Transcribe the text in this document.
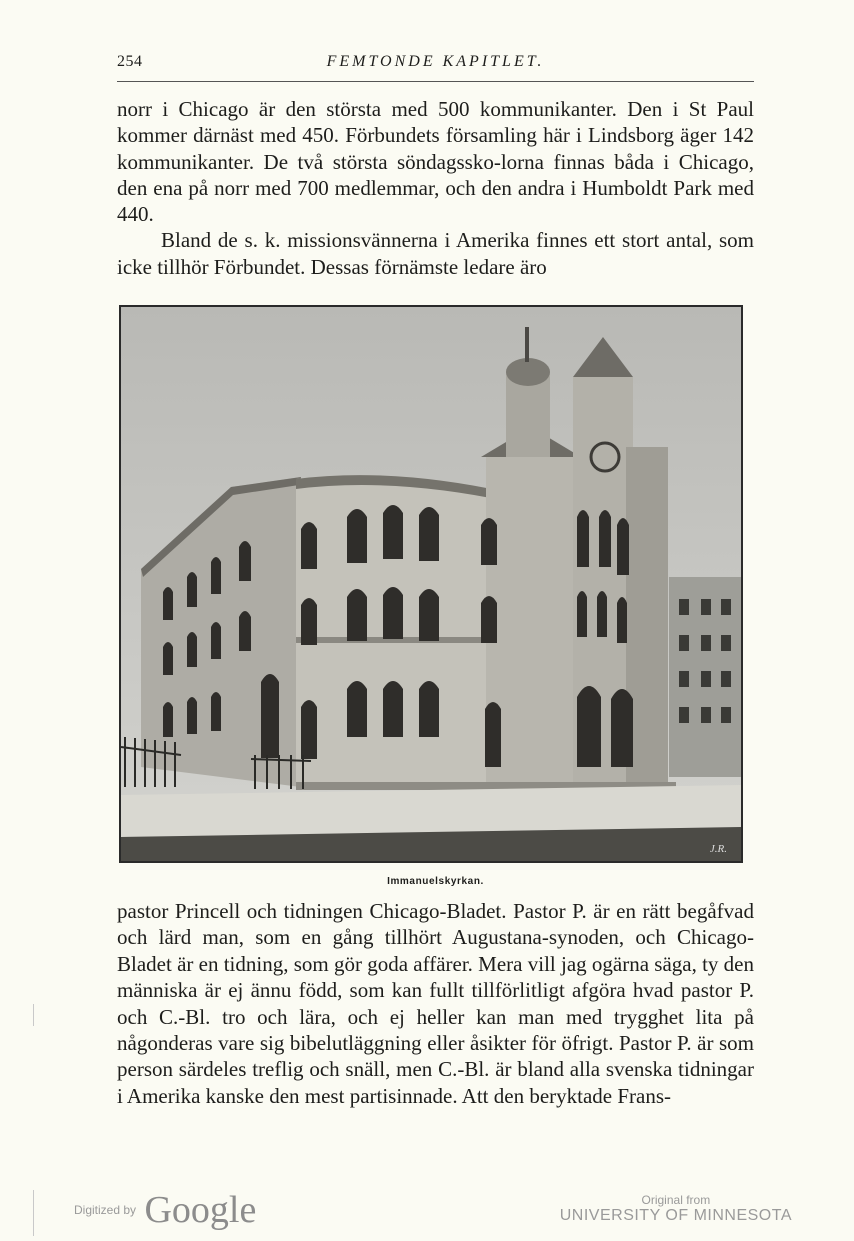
254	FEMTONDE KAPITLET.

norr i Chicago är den största med 500 kommunikanter. Den i St Paul kommer därnäst med 450. Förbundets församling här i Lindsborg äger 142 kommunikanter. De två största söndagssko-lorna finnas båda i Chicago, den ena på norr med 700 medlemmar, och den andra i Humboldt Park med 440.

Bland de s. k. missionsvännerna i Amerika finnes ett stort antal, som icke tillhör Förbundet. Dessas förnämste ledare äro

J.R.
Immanuelskyrkan.

pastor Princell och tidningen Chicago-Bladet. Pastor P. är en rätt begåfvad och lärd man, som en gång tillhört Augustana-synoden, och Chicago-Bladet är en tidning, som gör goda affärer. Mera vill jag ogärna säga, ty den människa är ej ännu född, som kan fullt tillförlitligt afgöra hvad pastor P. och C.-Bl. tro och lära, och ej heller kan man med trygghet lita på någonderas vare sig bibelutläggning eller åsikter för öfrigt. Pastor P. är som person särdeles treflig och snäll, men C.-Bl. är bland alla svenska tidningar i Amerika kanske den mest partisinnade. Att den beryktade Frans-

Digitized by Google	Original from
UNIVERSITY OF MINNESOTA
